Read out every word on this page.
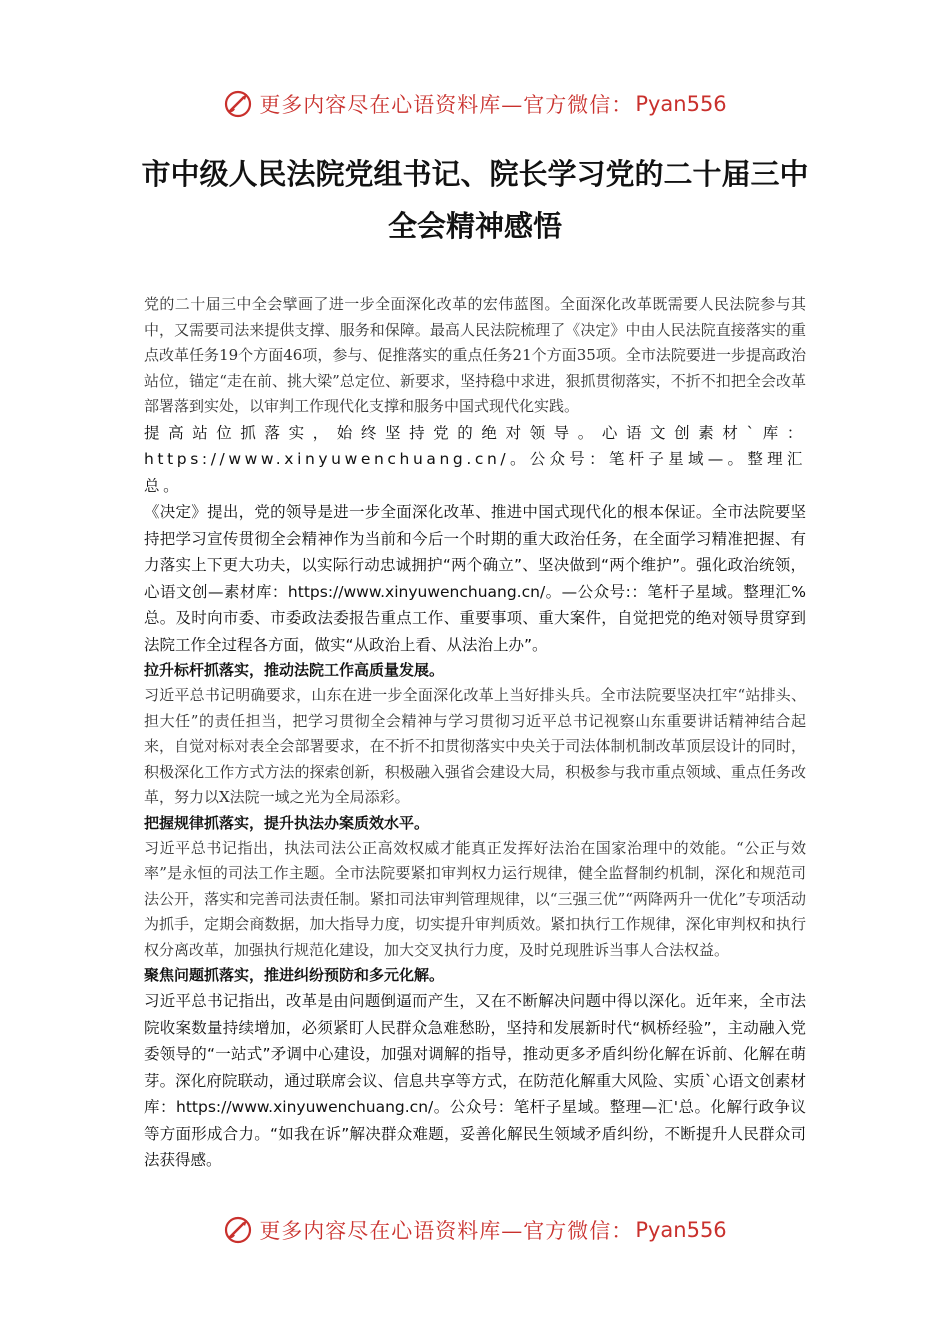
更多内容尽在心语资料库—官方微信： Pyan556
市中级人民法院党组书记、院长学习党的二十届三中全会精神感悟

党的二十届三中全会擘画了进一步全面深化改革的宏伟蓝图。全面深化改革既需要人民法院参与其中，又需要司法来提供支撑、服务和保障。最高人民法院梳理了《决定》中由人民法院直接落实的重点改革任务19个方面46项，参与、促推落实的重点任务21个方面35项。全市法院要进一步提高政治站位，锚定“走在前、挑大梁”总定位、新要求，坚持稳中求进，狠抓贯彻落实，不折不扣把全会改革部署落到实处，以审判工作现代化支撑和服务中国式现代化实践。

提高站位抓落实，始终坚持党的绝对领导。心语文创素材`库：https://www.xinyuwenchuang.cn/。公众号：笔杆子星域—。整理汇总。

《决定》提出，党的领导是进一步全面深化改革、推进中国式现代化的根本保证。全市法院要坚持把学习宣传贯彻全会精神作为当前和今后一个时期的重大政治任务，在全面学习精准把握、有力落实上下更大功夫，以实际行动忠诚拥护“两个确立”、坚决做到“两个维护”。强化政治统领，心语文创—素材库：https://www.xinyuwenchuang.cn/。—公众号:：笔杆子星域。整理汇%总。及时向市委、市委政法委报告重点工作、重要事项、重大案件，自觉把党的绝对领导贯穿到法院工作全过程各方面，做实“从政治上看、从法治上办”。

拉升标杆抓落实，推动法院工作高质量发展。

习近平总书记明确要求，山东在进一步全面深化改革上当好排头兵。全市法院要坚决扛牢“站排头、担大任”的责任担当，把学习贯彻全会精神与学习贯彻习近平总书记视察山东重要讲话精神结合起来，自觉对标对表全会部署要求，在不折不扣贯彻落实中央关于司法体制机制改革顶层设计的同时，积极深化工作方式方法的探索创新，积极融入强省会建设大局，积极参与我市重点领域、重点任务改革，努力以X法院一域之光为全局添彩。

把握规律抓落实，提升执法办案质效水平。

习近平总书记指出，执法司法公正高效权威才能真正发挥好法治在国家治理中的效能。“公正与效率”是永恒的司法工作主题。全市法院要紧扣审判权力运行规律，健全监督制约机制，深化和规范司法公开，落实和完善司法责任制。紧扣司法审判管理规律，以“三强三优”“两降两升一优化”专项活动为抓手，定期会商数据，加大指导力度，切实提升审判质效。紧扣执行工作规律，深化审判权和执行权分离改革，加强执行规范化建设，加大交叉执行力度，及时兑现胜诉当事人合法权益。

聚焦问题抓落实，推进纠纷预防和多元化解。

习近平总书记指出，改革是由问题倒逼而产生，又在不断解决问题中得以深化。近年来，全市法院收案数量持续增加，必须紧盯人民群众急难愁盼，坚持和发展新时代“枫桥经验”，主动融入党委领导的“一站式”矛调中心建设，加强对调解的指导，推动更多矛盾纠纷化解在诉前、化解在萌芽。深化府院联动，通过联席会议、信息共享等方式，在防范化解重大风险、实质`心语文创素材库：https://www.xinyuwenchuang.cn/。公众号：笔杆子星域。整理—汇'总。化解行政争议等方面形成合力。“如我在诉”解决群众难题，妥善化解民生领域矛盾纠纷，不断提升人民群众司法获得感。

更多内容尽在心语资料库—官方微信： Pyan556
